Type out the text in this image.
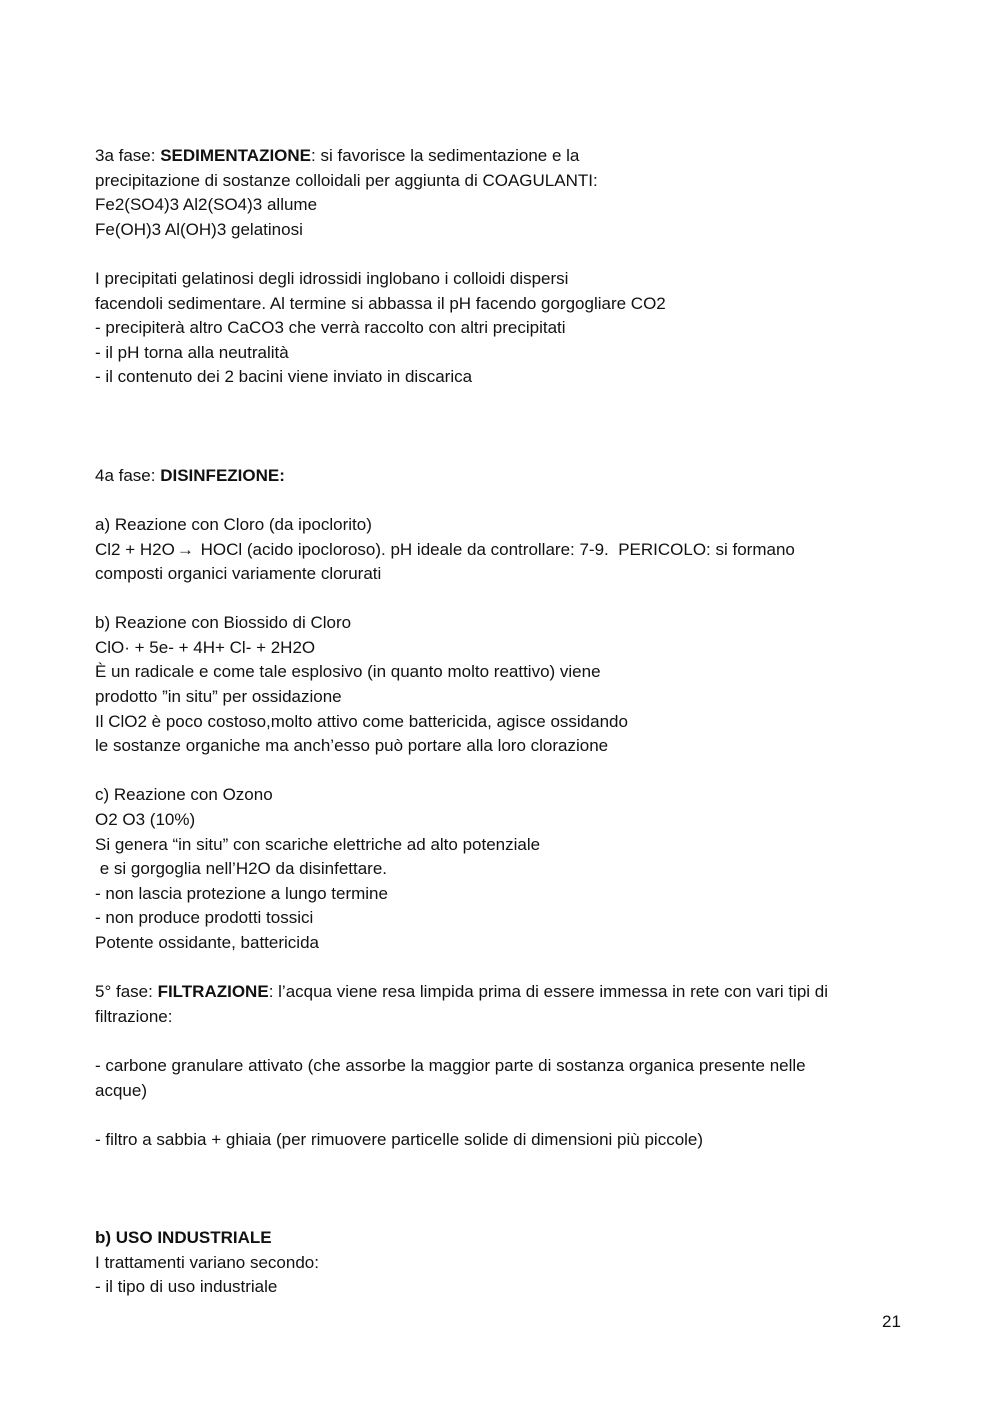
3a fase: SEDIMENTAZIONE: si favorisce la sedimentazione e la
precipitazione di sostanze colloidali per aggiunta di COAGULANTI:
Fe2(SO4)3 Al2(SO4)3 allume
Fe(OH)3 Al(OH)3 gelatinosi
I precipitati gelatinosi degli idrossidi inglobano i colloidi dispersi
facendoli sedimentare. Al termine si abbassa il pH facendo gorgogliare CO2
- precipiterà altro CaCO3 che verrà raccolto con altri precipitati
- il pH torna alla neutralità
- il contenuto dei 2 bacini viene inviato in discarica
4a fase: DISINFEZIONE:
a) Reazione con Cloro (da ipoclorito)
Cl2 + H2O → HOCl (acido ipocloroso). pH ideale da controllare: 7-9.  PERICOLO: si formano
composti organici variamente clorurati
b) Reazione con Biossido di Cloro
ClO· + 5e- + 4H+ Cl- + 2H2O
È un radicale e come tale esplosivo (in quanto molto reattivo) viene
prodotto ”in situ” per ossidazione
Il ClO2 è poco costoso,molto attivo come battericida, agisce ossidando
le sostanze organiche ma anch’esso può portare alla loro clorazione
c) Reazione con Ozono
O2 O3 (10%)
Si genera “in situ” con scariche elettriche ad alto potenziale
e si gorgoglia nell’H2O da disinfettare.
- non lascia protezione a lungo termine
- non produce prodotti tossici
Potente ossidante, battericida
5° fase: FILTRAZIONE: l’acqua viene resa limpida prima di essere immessa in rete con vari tipi di
filtrazione:
- carbone granulare attivato (che assorbe la maggior parte di sostanza organica presente nelle
acque)
- filtro a sabbia + ghiaia (per rimuovere particelle solide di dimensioni più piccole)
b) USO INDUSTRIALE
I trattamenti variano secondo:
- il tipo di uso industriale
21
